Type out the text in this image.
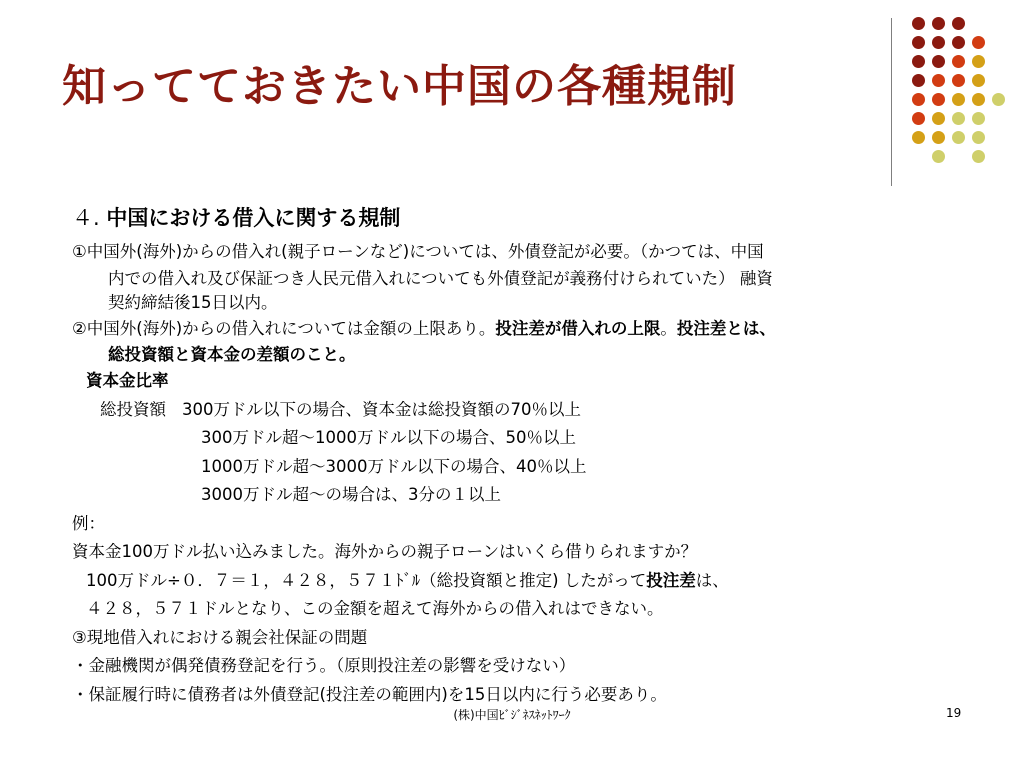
知ってておきたい中国の各種規制
４. 中国における借入に関する規制
①中国外(海外)からの借入れ(親子ローンなど)については、外債登記が必要。（かつては、中国
内での借入れ及び保証つき人民元借入れについても外債登記が義務付けられていた） 融資
契約締結後15日以内。
②中国外(海外)からの借入れについては金額の上限あり。投注差が借入れの上限。投注差とは、
総投資額と資本金の差額のこと。
資本金比率
総投資額 300万ドル以下の場合、資本金は総投資額の70％以上
300万ドル超～1000万ドル以下の場合、50％以上
1000万ドル超～3000万ドル以下の場合、40％以上
3000万ドル超～の場合は、3分の１以上
例：
資本金100万ドル払い込みました。海外からの親子ローンはいくら借りられますか？
100万ドル÷０．７＝１，４２８，５７１ﾄﾞﾙ（総投資額と推定) したがって投注差は、
４２８，５７１ドルとなり、この金額を超えて海外からの借入れはできない。
③現地借入れにおける親会社保証の問題
・金融機関が偶発債務登記を行う。（原則投注差の影響を受けない）
・保証履行時に債務者は外債登記(投注差の範囲内)を15日以内に行う必要あり。
(株)中国ﾋﾞｼﾞﾈｽﾈｯﾄﾜｰｸ	19
